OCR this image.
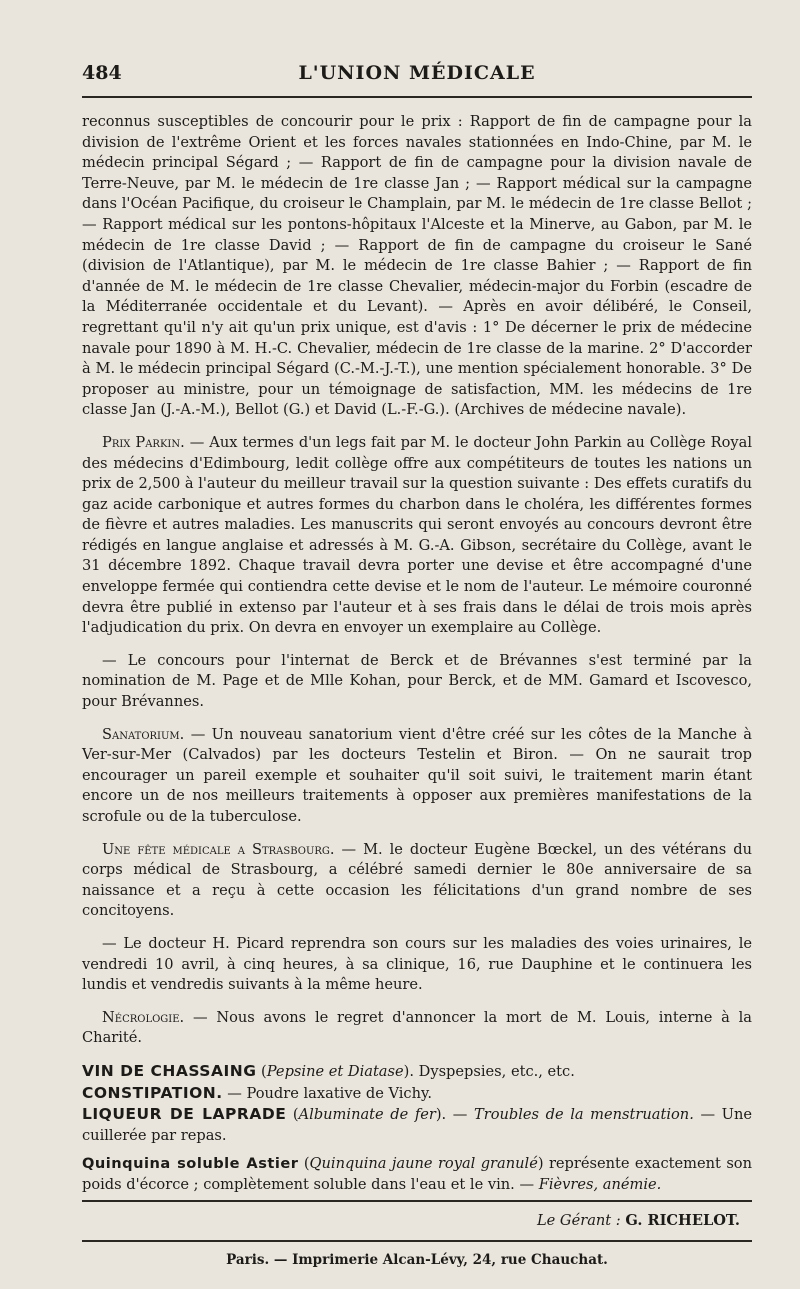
484	L'UNION MÉDICALE

reconnus susceptibles de concourir pour le prix : Rapport de fin de campagne pour la division de l'extrême Orient et les forces navales stationnées en Indo-Chine, par M. le médecin principal Ségard ; — Rapport de fin de campagne pour la division navale de Terre-Neuve, par M. le médecin de 1re classe Jan ; — Rapport médical sur la campagne dans l'Océan Pacifique, du croiseur le Champlain, par M. le médecin de 1re classe Bellot ; — Rapport médical sur les pontons-hôpitaux l'Alceste et la Minerve, au Gabon, par M. le médecin de 1re classe David ; — Rapport de fin de campagne du croiseur le Sané (division de l'Atlantique), par M. le médecin de 1re classe Bahier ; — Rapport de fin d'année de M. le médecin de 1re classe Chevalier, médecin-major du Forbin (escadre de la Méditerranée occidentale et du Levant). — Après en avoir délibéré, le Conseil, regrettant qu'il n'y ait qu'un prix unique, est d'avis : 1° De décerner le prix de médecine navale pour 1890 à M. H.-C. Chevalier, médecin de 1re classe de la marine. 2° D'accorder à M. le médecin principal Ségard (C.-M.-J.-T.), une mention spécialement honorable. 3° De proposer au ministre, pour un témoignage de satisfaction, MM. les médecins de 1re classe Jan (J.-A.-M.), Bellot (G.) et David (L.-F.-G.). (Archives de médecine navale).

Prix Parkin. — Aux termes d'un legs fait par M. le docteur John Parkin au Collège Royal des médecins d'Edimbourg, ledit collège offre aux compétiteurs de toutes les nations un prix de 2,500 à l'auteur du meilleur travail sur la question suivante : Des effets curatifs du gaz acide carbonique et autres formes du charbon dans le choléra, les différentes formes de fièvre et autres maladies. Les manuscrits qui seront envoyés au concours devront être rédigés en langue anglaise et adressés à M. G.-A. Gibson, secrétaire du Collège, avant le 31 décembre 1892. Chaque travail devra porter une devise et être accompagné d'une enveloppe fermée qui contiendra cette devise et le nom de l'auteur. Le mémoire couronné devra être publié in extenso par l'auteur et à ses frais dans le délai de trois mois après l'adjudication du prix. On devra en envoyer un exemplaire au Collège.

— Le concours pour l'internat de Berck et de Brévannes s'est terminé par la nomination de M. Page et de Mlle Kohan, pour Berck, et de MM. Gamard et Iscovesco, pour Brévannes.

Sanatorium. — Un nouveau sanatorium vient d'être créé sur les côtes de la Manche à Ver-sur-Mer (Calvados) par les docteurs Testelin et Biron. — On ne saurait trop encourager un pareil exemple et souhaiter qu'il soit suivi, le traitement marin étant encore un de nos meilleurs traitements à opposer aux premières manifestations de la scrofule ou de la tuberculose.

Une fête médicale a Strasbourg. — M. le docteur Eugène Bœckel, un des vétérans du corps médical de Strasbourg, a célébré samedi dernier le 80e anniversaire de sa naissance et a reçu à cette occasion les félicitations d'un grand nombre de ses concitoyens.

— Le docteur H. Picard reprendra son cours sur les maladies des voies urinaires, le vendredi 10 avril, à cinq heures, à sa clinique, 16, rue Dauphine et le continuera les lundis et vendredis suivants à la même heure.

Nécrologie. — Nous avons le regret d'annoncer la mort de M. Louis, interne à la Charité.

VIN DE CHASSAING (Pepsine et Diatase). Dyspepsies, etc., etc.

CONSTIPATION. — Poudre laxative de Vichy.

LIQUEUR DE LAPRADE (Albuminate de fer). — Troubles de la menstruation. — Une cuillerée par repas.

Quinquina soluble Astier (Quinquina jaune royal granulé) représente exactement son poids d'écorce ; complètement soluble dans l'eau et le vin. — Fièvres, anémie.

Le Gérant : G. RICHELOT.
Paris. — Imprimerie Alcan-Lévy, 24, rue Chauchat.
